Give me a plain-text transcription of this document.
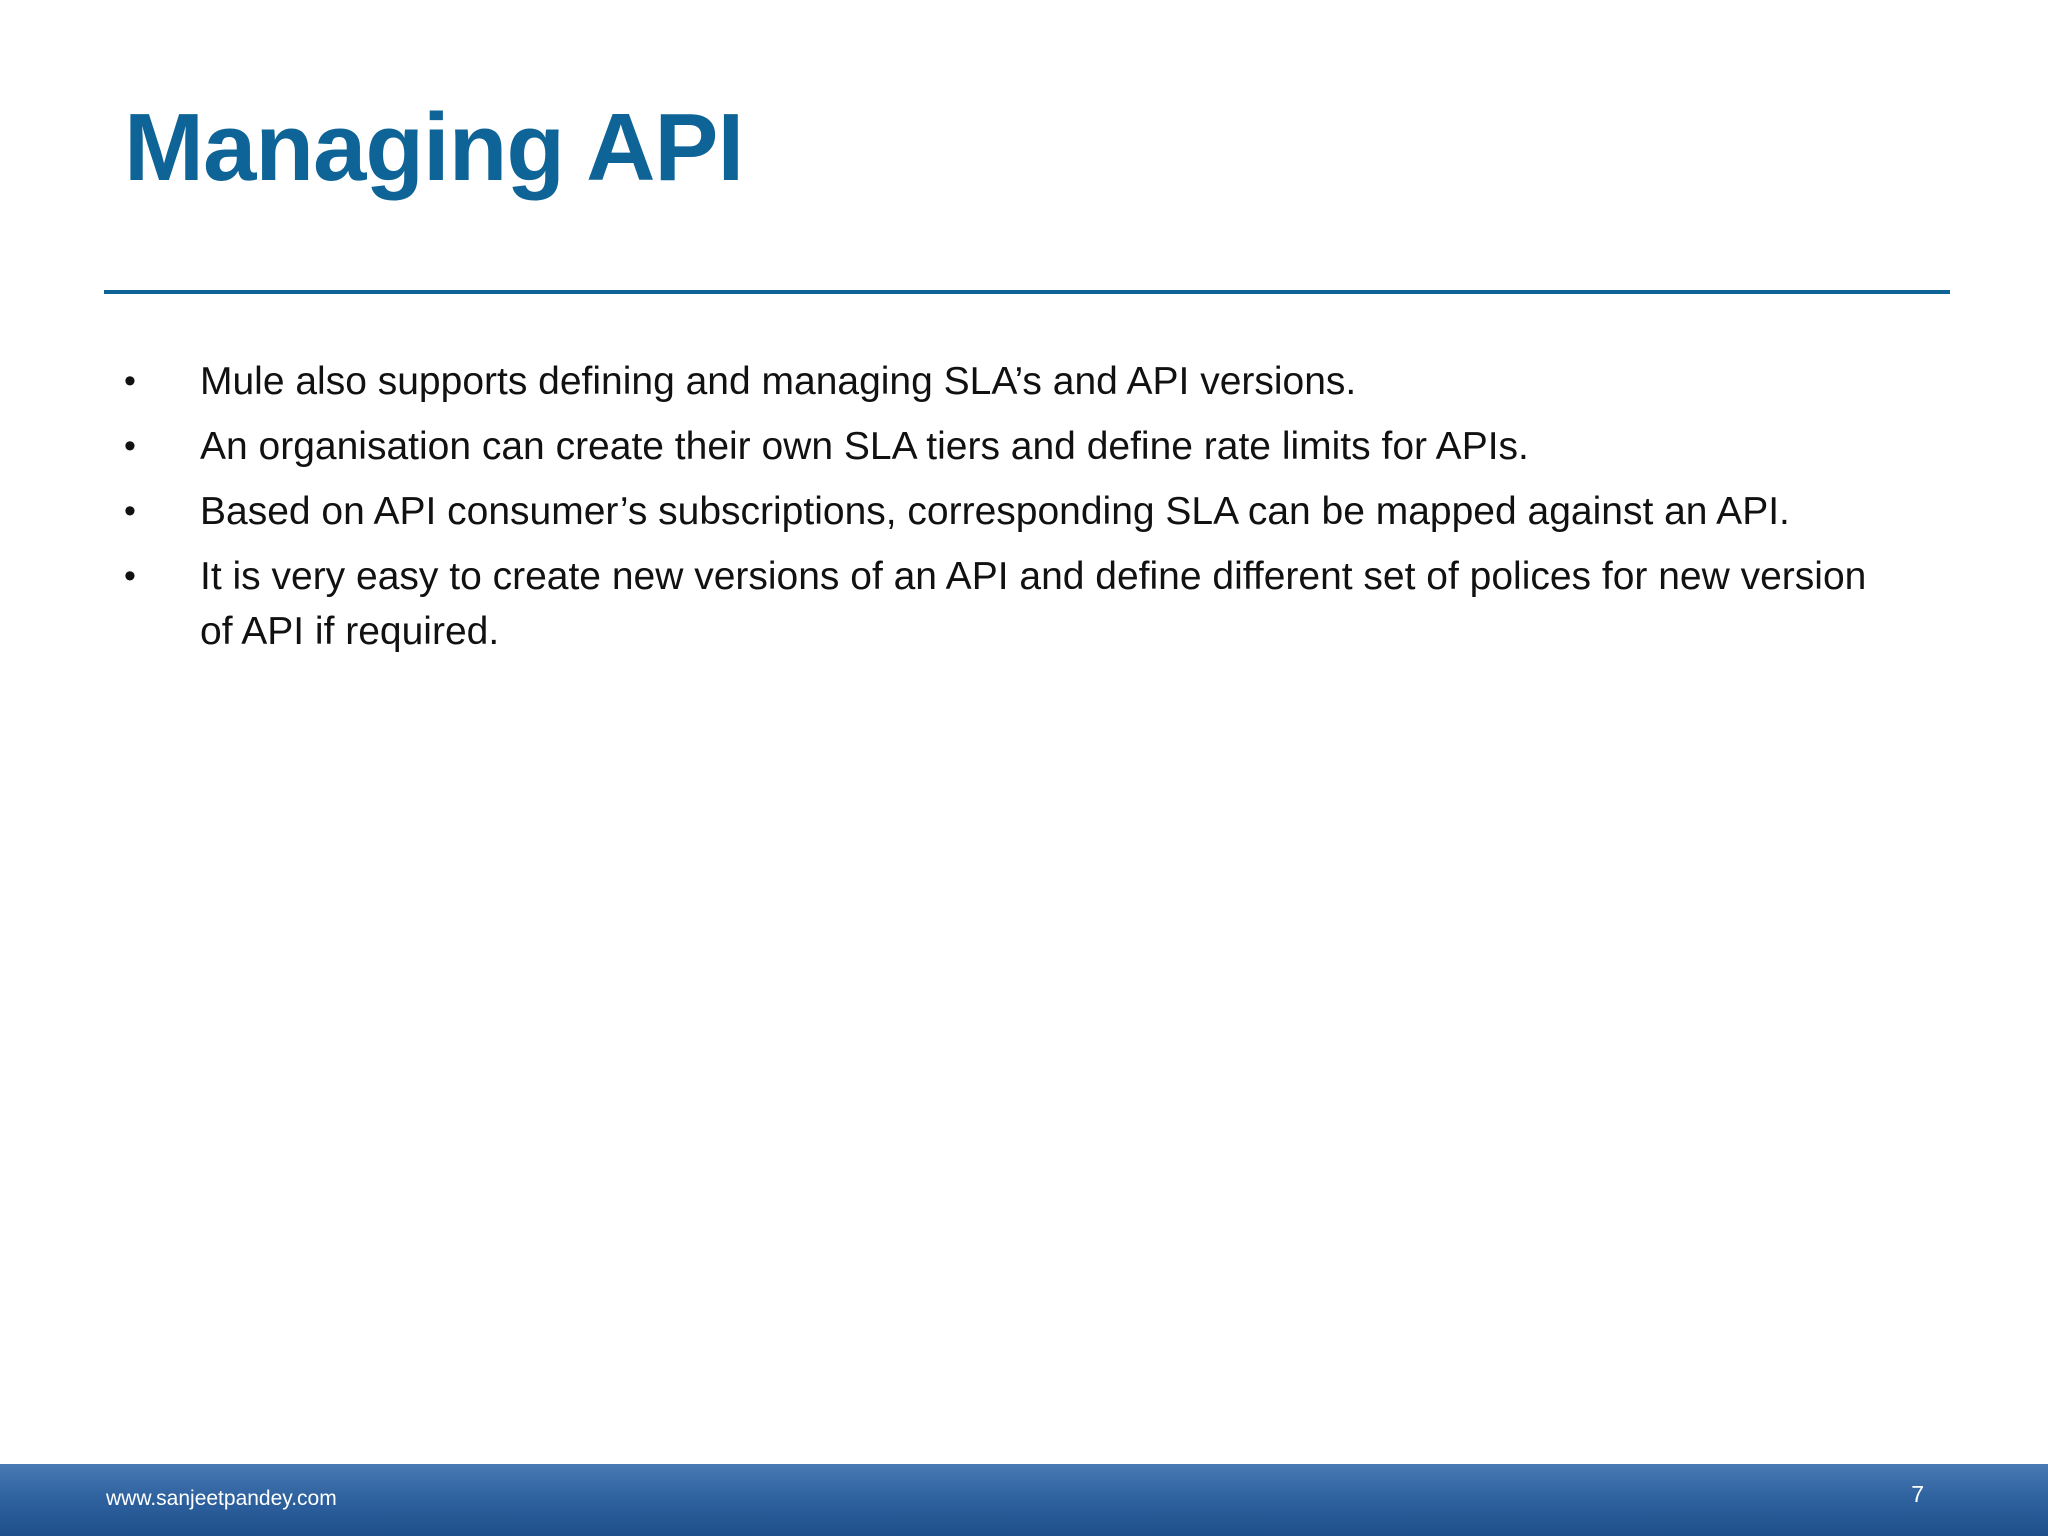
Managing API
• Mule also supports defining and managing SLA’s and API versions.
• An organisation can create their own SLA tiers and define rate limits for APIs.
• Based on API consumer’s subscriptions, corresponding SLA can be mapped against an API.
• It is very easy to create new versions of an API and define different set of polices for new version of API if required.
www.sanjeetpandey.com	7
